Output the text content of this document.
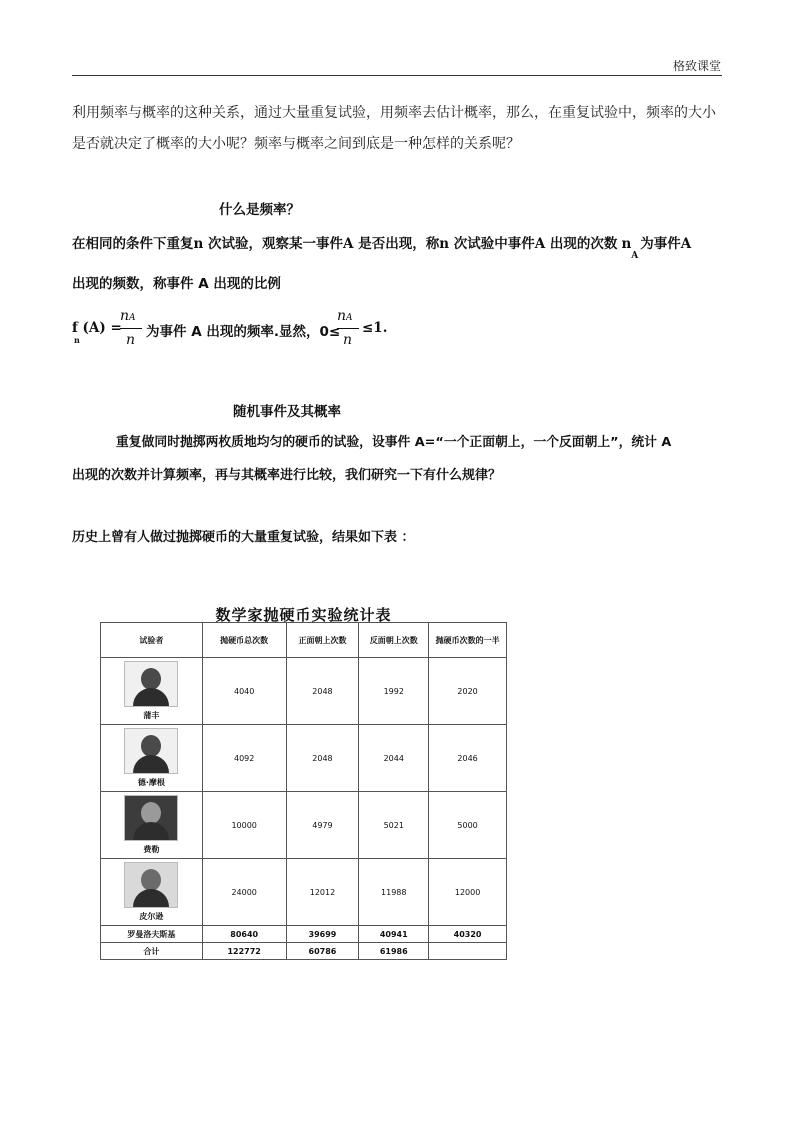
格致课堂
利用频率与概率的这种关系，通过大量重复试验，用频率去估计概率，那么，在重复试验中，频率的大小
是否就决定了概率的大小呢？频率与概率之间到底是一种怎样的关系呢？
什么是频率？
在相同的条件下重复n 次试验，观察某一事件A 是否出现，称n 次试验中事件A 出现的次数 $n_A$为事件A
出现的频数，称事件 A 出现的比例
f (A) =
n
nA
n 为事件 A 出现的频率.显然，0≤
nA
n
≤1.
随机事件及其概率
重复做同时抛掷两枚质地均匀的硬币的试验，设事件 A=“一个正面朝上，一个反面朝上”，统计 A
出现的次数并计算频率，再与其概率进行比较，我们研究一下有什么规律？
历史上曾有人做过抛掷硬币的大量重复试验，结果如下表 ：
数学家抛硬币实验统计表
试验者	抛硬币总次数	正面朝上次数	反面朝上次数	抛硬币次数的一半

蒲丰	4040	2048	1992	2020

德·摩根	4092	2048	2044	2046

费勒	10000	4979	5021	5000

皮尔逊	24000	12012	11988	12000
罗曼洛夫斯基	80640	39699	40941	40320
合计	122772	60786	61986	
